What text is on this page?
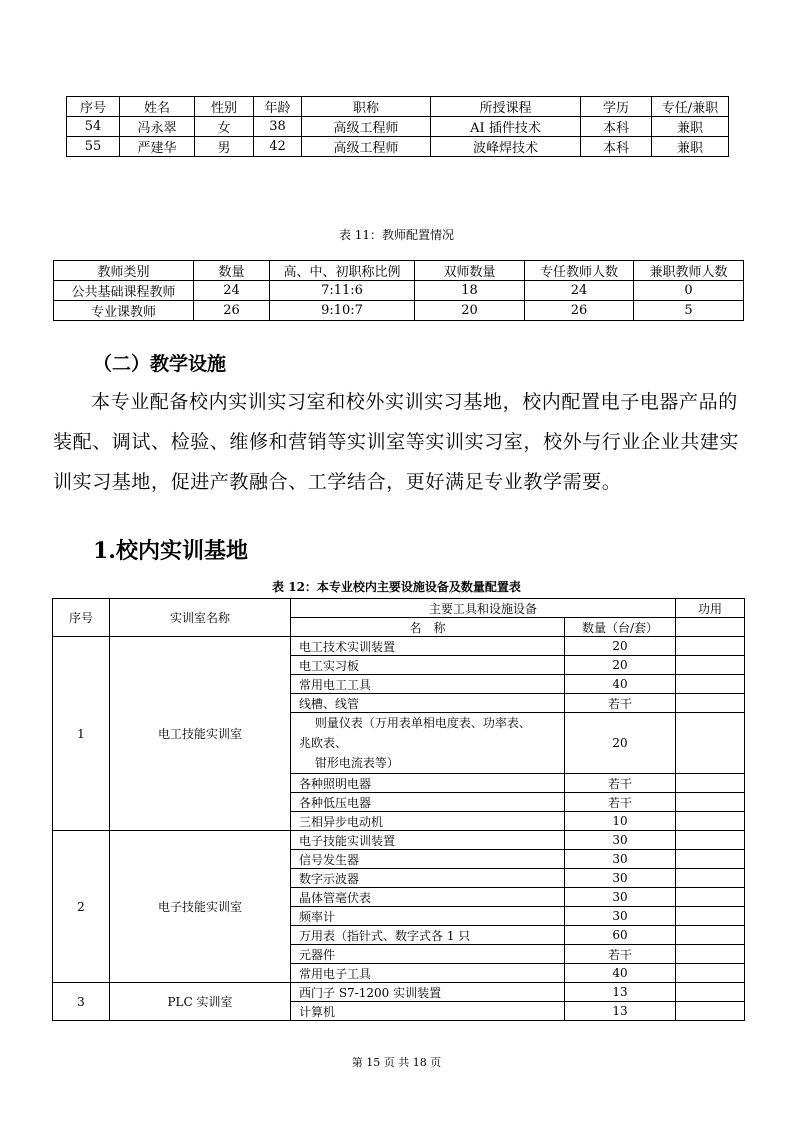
序号	姓名	性别	年龄	职称	所授课程	学历	专任/兼职
54	冯永翠	女	38	高级工程师	AI 插件技术	本科	兼职
55	严建华	男	42	高级工程师	波峰焊技术	本科	兼职
表 11：教师配置情况
教师类别	数量	高、中、初职称比例	双师数量	专任教师人数	兼职教师人数
公共基础课程教师	24	7:11:6	18	24	0
专业课教师	26	9:10:7	20	26	5
（二）教学设施
本专业配备校内实训实习室和校外实训实习基地，校内配置电子电器产品的装配、调试、检验、维修和营销等实训室等实训实习室，校外与行业企业共建实训实习基地，促进产教融合、工学结合，更好满足专业教学需要。
1.校内实训基地
表 12：本专业校内主要设施设备及数量配置表
序号	实训室名称	主要工具和设施设备		功用
		名　称	数量（台/套）	
1	电工技能实训室	电工技术实训装置	20	
		电工实习板	20	
		常用电工工具	40	
		线槽、线管	若干	

		　 则量仪表（万用表单相电度表、功率表、
兆欧表、
　 钳形电流表等）	20	
		各种照明电器	若干	
		各种低压电器	若干	
		三相异步电动机	10	
2	电子技能实训室	电子技能实训装置	30	
		信号发生器	30	
		数字示波器	30	
		晶体管毫伏表	30	
		频率计	30	
		万用表（指针式、数字式各 1 只	60	
		元器件	若干	
		常用电子工具	40	
3	PLC 实训室	西门子 S7-1200 实训装置	13	
		计算机	13	
第 15 页 共 18 页
